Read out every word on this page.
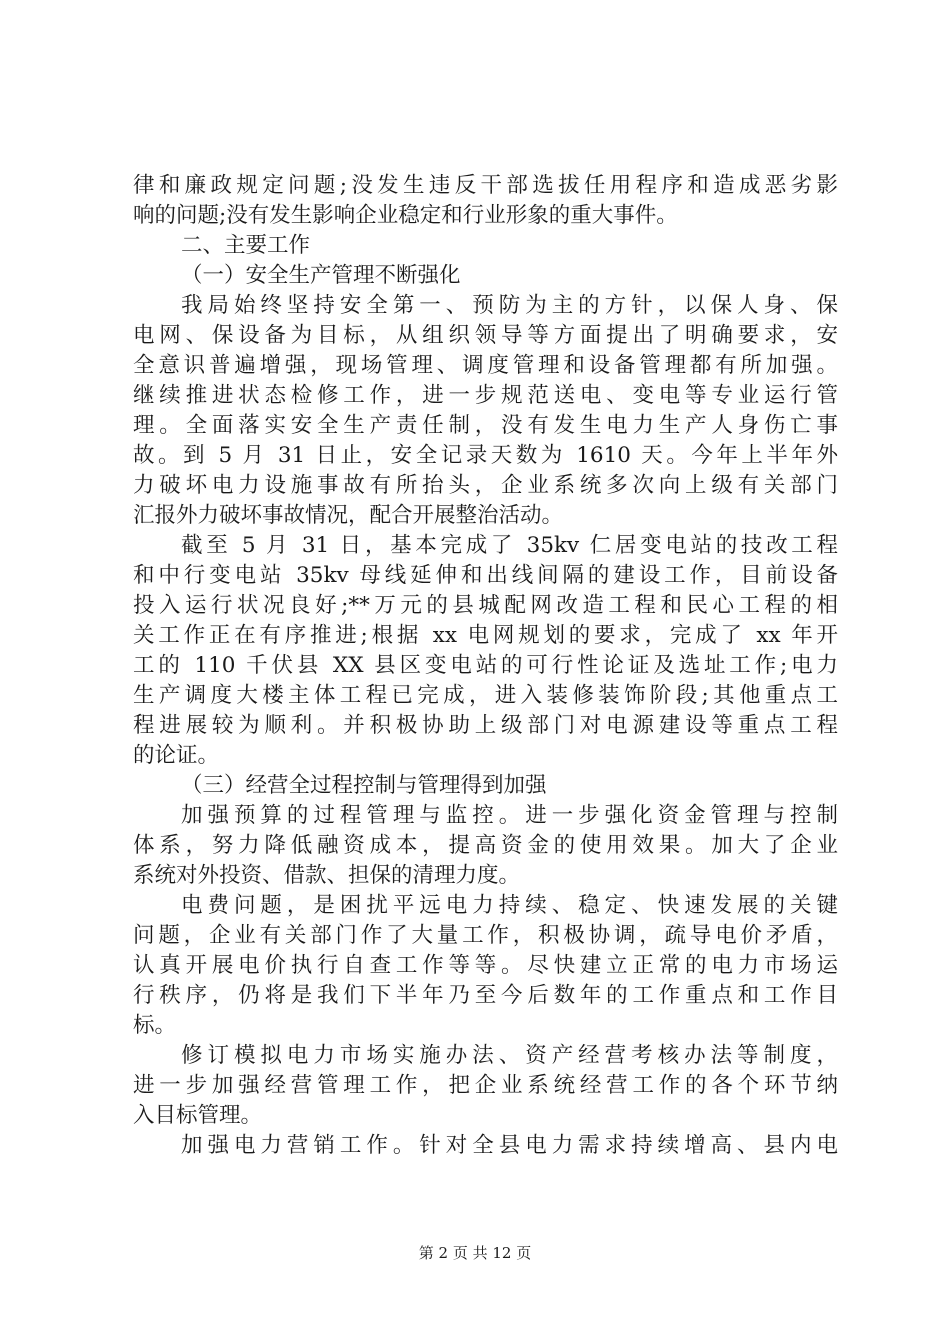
律和廉政规定问题;没发生违反干部选拔任用程序和造成恶劣影
响的问题;没有发生影响企业稳定和行业形象的重大事件。
二、主要工作
（一）安全生产管理不断强化
我局始终坚持安全第一、预防为主的方针，以保人身、保
电网、保设备为目标，从组织领导等方面提出了明确要求，安
全意识普遍增强，现场管理、调度管理和设备管理都有所加强。
继续推进状态检修工作，进一步规范送电、变电等专业运行管
理。全面落实安全生产责任制，没有发生电力生产人身伤亡事
故。到 5 月 31 日止，安全记录天数为 1610 天。今年上半年外
力破坏电力设施事故有所抬头，企业系统多次向上级有关部门
汇报外力破坏事故情况，配合开展整治活动。
截至 5 月 31 日，基本完成了 35kv 仁居变电站的技改工程
和中行变电站 35kv 母线延伸和出线间隔的建设工作，目前设备
投入运行状况良好;**万元的县城配网改造工程和民心工程的相
关工作正在有序推进;根据 xx 电网规划的要求，完成了 xx 年开
工的 110 千伏县 XX 县区变电站的可行性论证及选址工作;电力
生产调度大楼主体工程已完成，进入装修装饰阶段;其他重点工
程进展较为顺利。并积极协助上级部门对电源建设等重点工程
的论证。
（三）经营全过程控制与管理得到加强
加强预算的过程管理与监控。进一步强化资金管理与控制
体系，努力降低融资成本，提高资金的使用效果。加大了企业
系统对外投资、借款、担保的清理力度。
电费问题，是困扰平远电力持续、稳定、快速发展的关键
问题，企业有关部门作了大量工作，积极协调，疏导电价矛盾，
认真开展电价执行自查工作等等。尽快建立正常的电力市场运
行秩序，仍将是我们下半年乃至今后数年的工作重点和工作目
标。
修订模拟电力市场实施办法、资产经营考核办法等制度，
进一步加强经营管理工作，把企业系统经营工作的各个环节纳
入目标管理。
加强电力营销工作。针对全县电力需求持续增高、县内电
第 2 页 共 12 页
